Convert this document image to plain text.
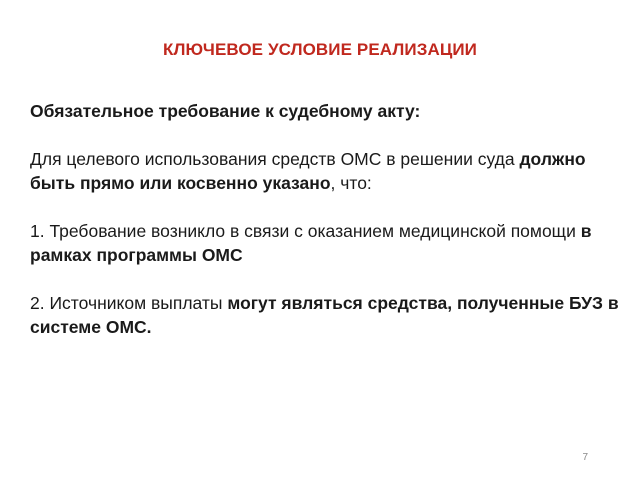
КЛЮЧЕВОЕ УСЛОВИЕ РЕАЛИЗАЦИИ

Обязательное требование к судебному акту:

Для целевого использования средств ОМС в решении суда должно быть прямо или косвенно указано, что:

1. Требование возникло в связи с оказанием медицинской помощи в рамках программы ОМС

2. Источником выплаты могут являться средства, полученные БУЗ в системе ОМС.

7
